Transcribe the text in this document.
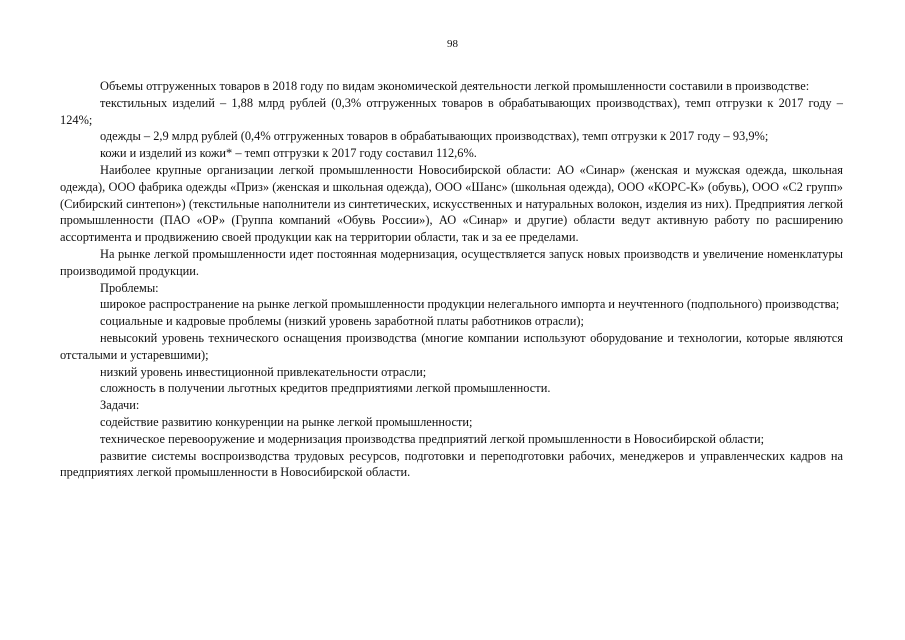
98

Объемы отгруженных товаров в 2018 году по видам экономической деятельности легкой промышленности составили в производстве:

текстильных изделий – 1,88 млрд рублей (0,3% отгруженных товаров в обрабатывающих производствах), темп отгрузки к 2017 году – 124%;

одежды – 2,9 млрд рублей (0,4% отгруженных товаров в обрабатывающих производствах), темп отгрузки к 2017 году – 93,9%;

кожи и изделий из кожи* – темп отгрузки к 2017 году составил 112,6%.

Наиболее крупные организации легкой промышленности Новосибирской области: АО «Синар» (женская и мужская одежда, школьная одежда), ООО фабрика одежды «Приз» (женская и школьная одежда), ООО «Шанс» (школьная одежда), ООО «КОРС-К» (обувь), ООО «С2 групп» (Сибирский синтепон») (текстильные наполнители из синтетических, искусственных и натуральных волокон, изделия из них). Предприятия легкой промышленности (ПАО «ОР» (Группа компаний «Обувь России»), АО «Синар» и другие) области ведут активную работу по расширению ассортимента и продвижению своей продукции как на территории области, так и за ее пределами.

На рынке легкой промышленности идет постоянная модернизация, осуществляется запуск новых производств и увеличение номенклатуры производимой продукции.

Проблемы:

широкое распространение на рынке легкой промышленности продукции нелегального импорта и неучтенного (подпольного) производства;

социальные и кадровые проблемы (низкий уровень заработной платы работников отрасли);

невысокий уровень технического оснащения производства (многие компании используют оборудование и технологии, которые являются отсталыми и устаревшими);

низкий уровень инвестиционной привлекательности отрасли;

сложность в получении льготных кредитов предприятиями легкой промышленности.

Задачи:

содействие развитию конкуренции на рынке легкой промышленности;

техническое перевооружение и модернизация производства предприятий легкой промышленности в Новосибирской области;

развитие системы воспроизводства трудовых ресурсов, подготовки и переподготовки рабочих, менеджеров и управленческих кадров на предприятиях легкой промышленности в Новосибирской области.
